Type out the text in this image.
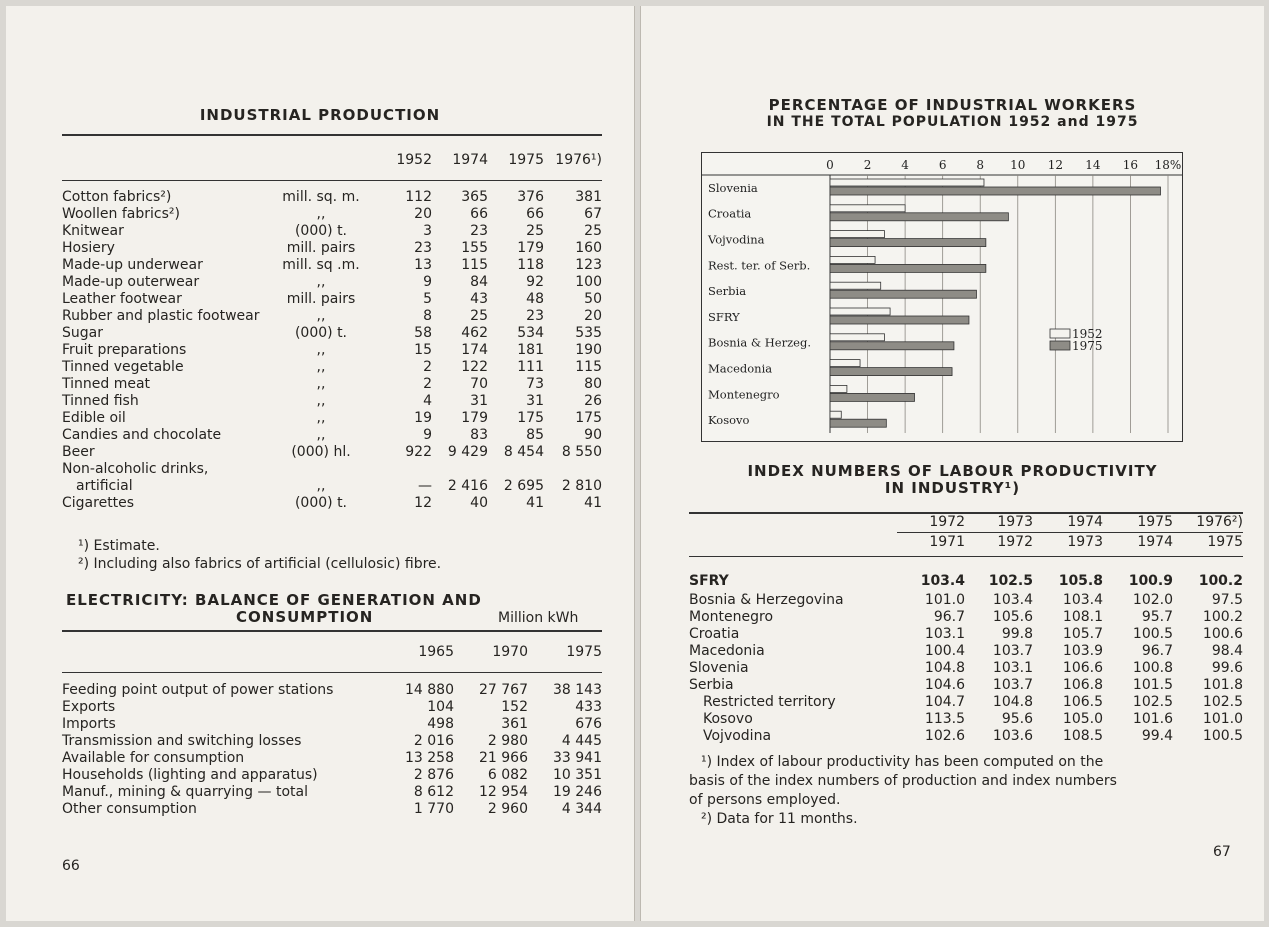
INDUSTRIAL PRODUCTION
		1952	1974	1975	1976¹)

Cotton fabrics²)	mill. sq. m.	112	365	376	381
Woollen fabrics²)	,,	20	66	66	67
Knitwear	(000) t.	3	23	25	25
Hosiery	mill. pairs	23	155	179	160
Made-up underwear	mill. sq .m.	13	115	118	123
Made-up outerwear	,,	9	84	92	100
Leather footwear	mill. pairs	5	43	48	50
Rubber and plastic footwear	,,	8	25	23	20
Sugar	(000) t.	58	462	534	535
Fruit preparations	,,	15	174	181	190
Tinned vegetable	,,	2	122	111	115
Tinned meat	,,	2	70	73	80
Tinned fish	,,	4	31	31	26
Edible oil	,,	19	179	175	175
Candies and chocolate	,,	9	83	85	90
Beer	(000) hl.	922	9 429	8 454	8 550
Non-alcoholic drinks,					
artificial	,,	—	2 416	2 695	2 810
Cigarettes	(000) t.	12	40	41	41
¹) Estimate.
²) Including also fabrics of artificial (cellulosic) fibre.
ELECTRICITY: BALANCE OF GENERATION AND
CONSUMPTION	Million kWh
	1965	1970	1975

Feeding point output of power stations	14 880	27 767	38 143
Exports	104	152	433
Imports	498	361	676
Transmission and switching losses	2 016	2 980	4 445
Available for consumption	13 258	21 966	33 941
Households (lighting and apparatus)	2 876	6 082	10 351
Manuf., mining & quarrying — total	8 612	12 954	19 246
Other consumption	1 770	2 960	4 344
66
PERCENTAGE OF INDUSTRIAL WORKERS
IN THE TOTAL POPULATION 1952 and 1975
0 2 4 6 8 10 12 14 16 18%
Slovenia
Croatia
Vojvodina
Rest. ter. of Serb.
Serbia
SFRY
Bosnia & Herzeg.
Macedonia
Montenegro
Kosovo
1952
1975
INDEX NUMBERS OF LABOUR PRODUCTIVITY
IN INDUSTRY¹)
	1972	1973	1974	1975	1976²)
	1971	1972	1973	1974	1975

SFRY	103.4	102.5	105.8	100.9	100.2
Bosnia & Herzegovina	101.0	103.4	103.4	102.0	97.5
Montenegro	96.7	105.6	108.1	95.7	100.2
Croatia	103.1	99.8	105.7	100.5	100.6
Macedonia	100.4	103.7	103.9	96.7	98.4
Slovenia	104.8	103.1	106.6	100.8	99.6
Serbia	104.6	103.7	106.8	101.5	101.8
Restricted territory	104.7	104.8	106.5	102.5	102.5
Kosovo	113.5	95.6	105.0	101.6	101.0
Vojvodina	102.6	103.6	108.5	99.4	100.5
¹) Index of labour productivity has been computed on the
basis of the index numbers of production and index numbers
of persons employed.
²) Data for 11 months.
67
